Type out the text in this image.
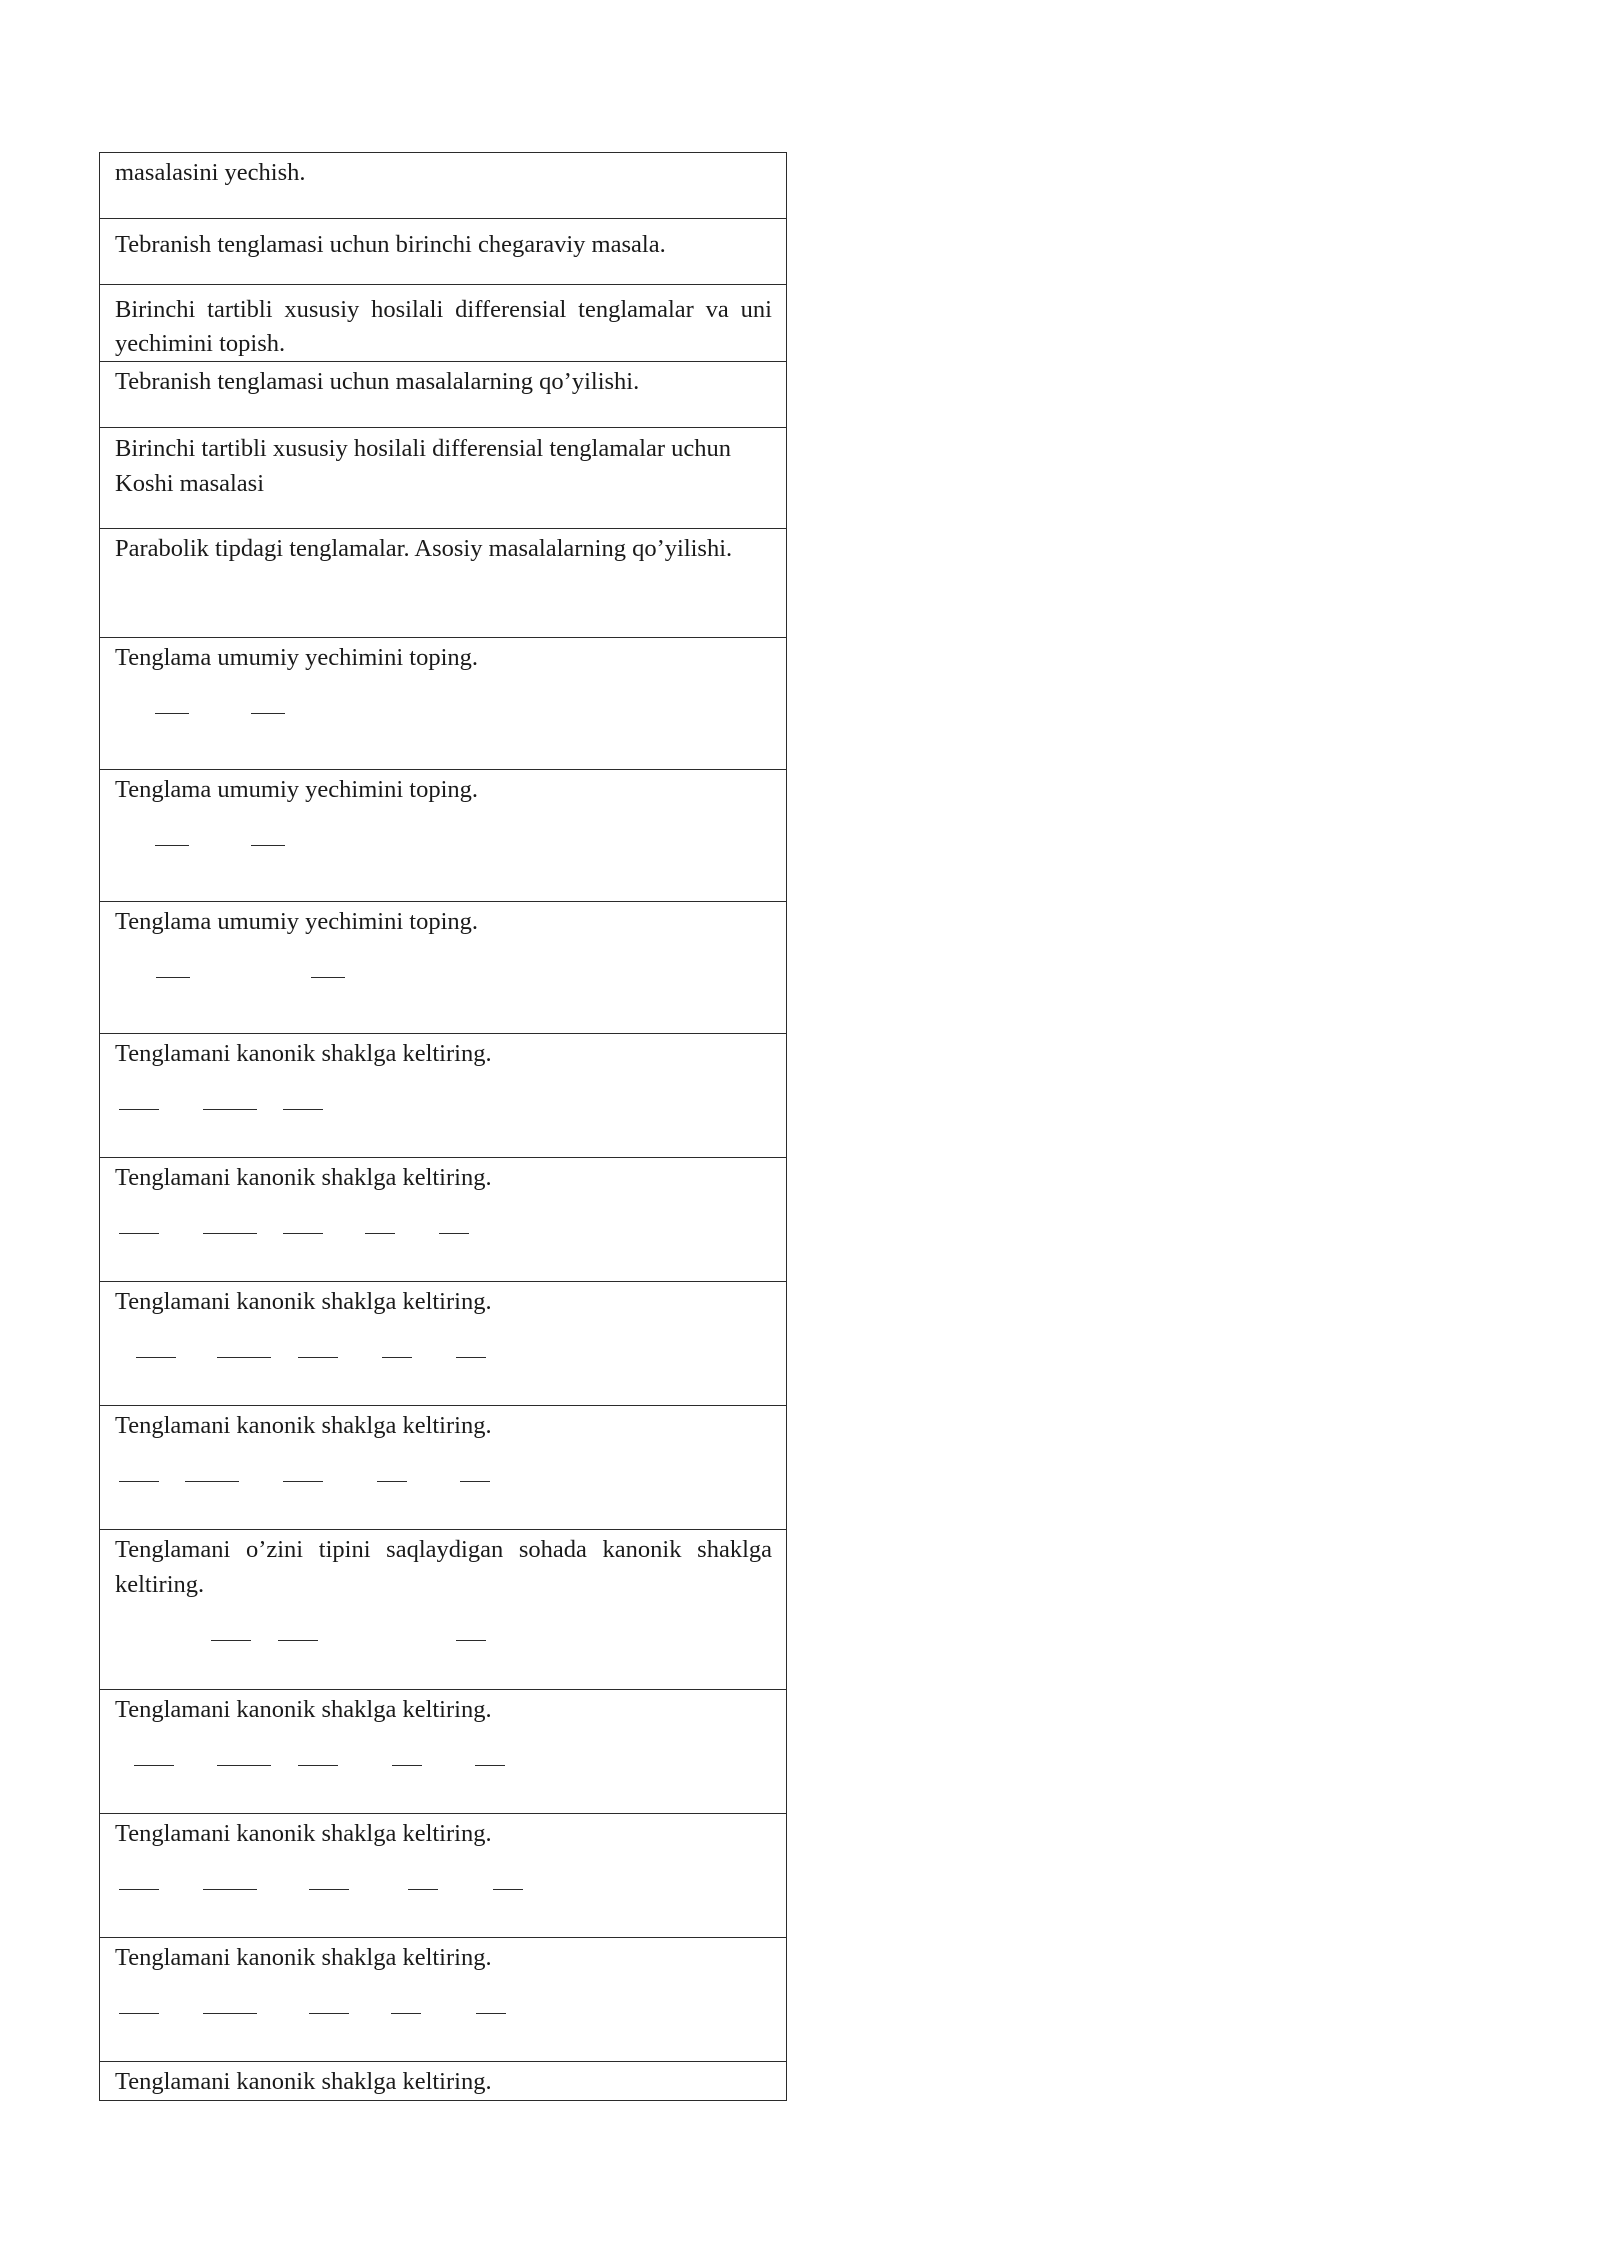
masalasini yechish.

Tebranish tenglamasi uchun birinchi chegaraviy masala.

Birinchi tartibli xususiy hosilali differensial tenglamalar va uni yechimini topish.

Tebranish tenglamasi uchun masalalarning qo’yilishi.

Birinchi tartibli xususiy hosilali differensial tenglamalar uchun Koshi masalasi

Parabolik tipdagi tenglamalar. Asosiy masalalarning qo’yilishi.

Tenglama umumiy yechimini toping.

Tenglama umumiy yechimini toping.

Tenglama umumiy yechimini toping.

Tenglamani kanonik shaklga keltiring.

Tenglamani kanonik shaklga keltiring.

Tenglamani kanonik shaklga keltiring.

Tenglamani kanonik shaklga keltiring.

Tenglamani o’zini tipini saqlaydigan sohada kanonik shaklga keltiring.

Tenglamani kanonik shaklga keltiring.

Tenglamani kanonik shaklga keltiring.

Tenglamani kanonik shaklga keltiring.

Tenglamani kanonik shaklga keltiring.
